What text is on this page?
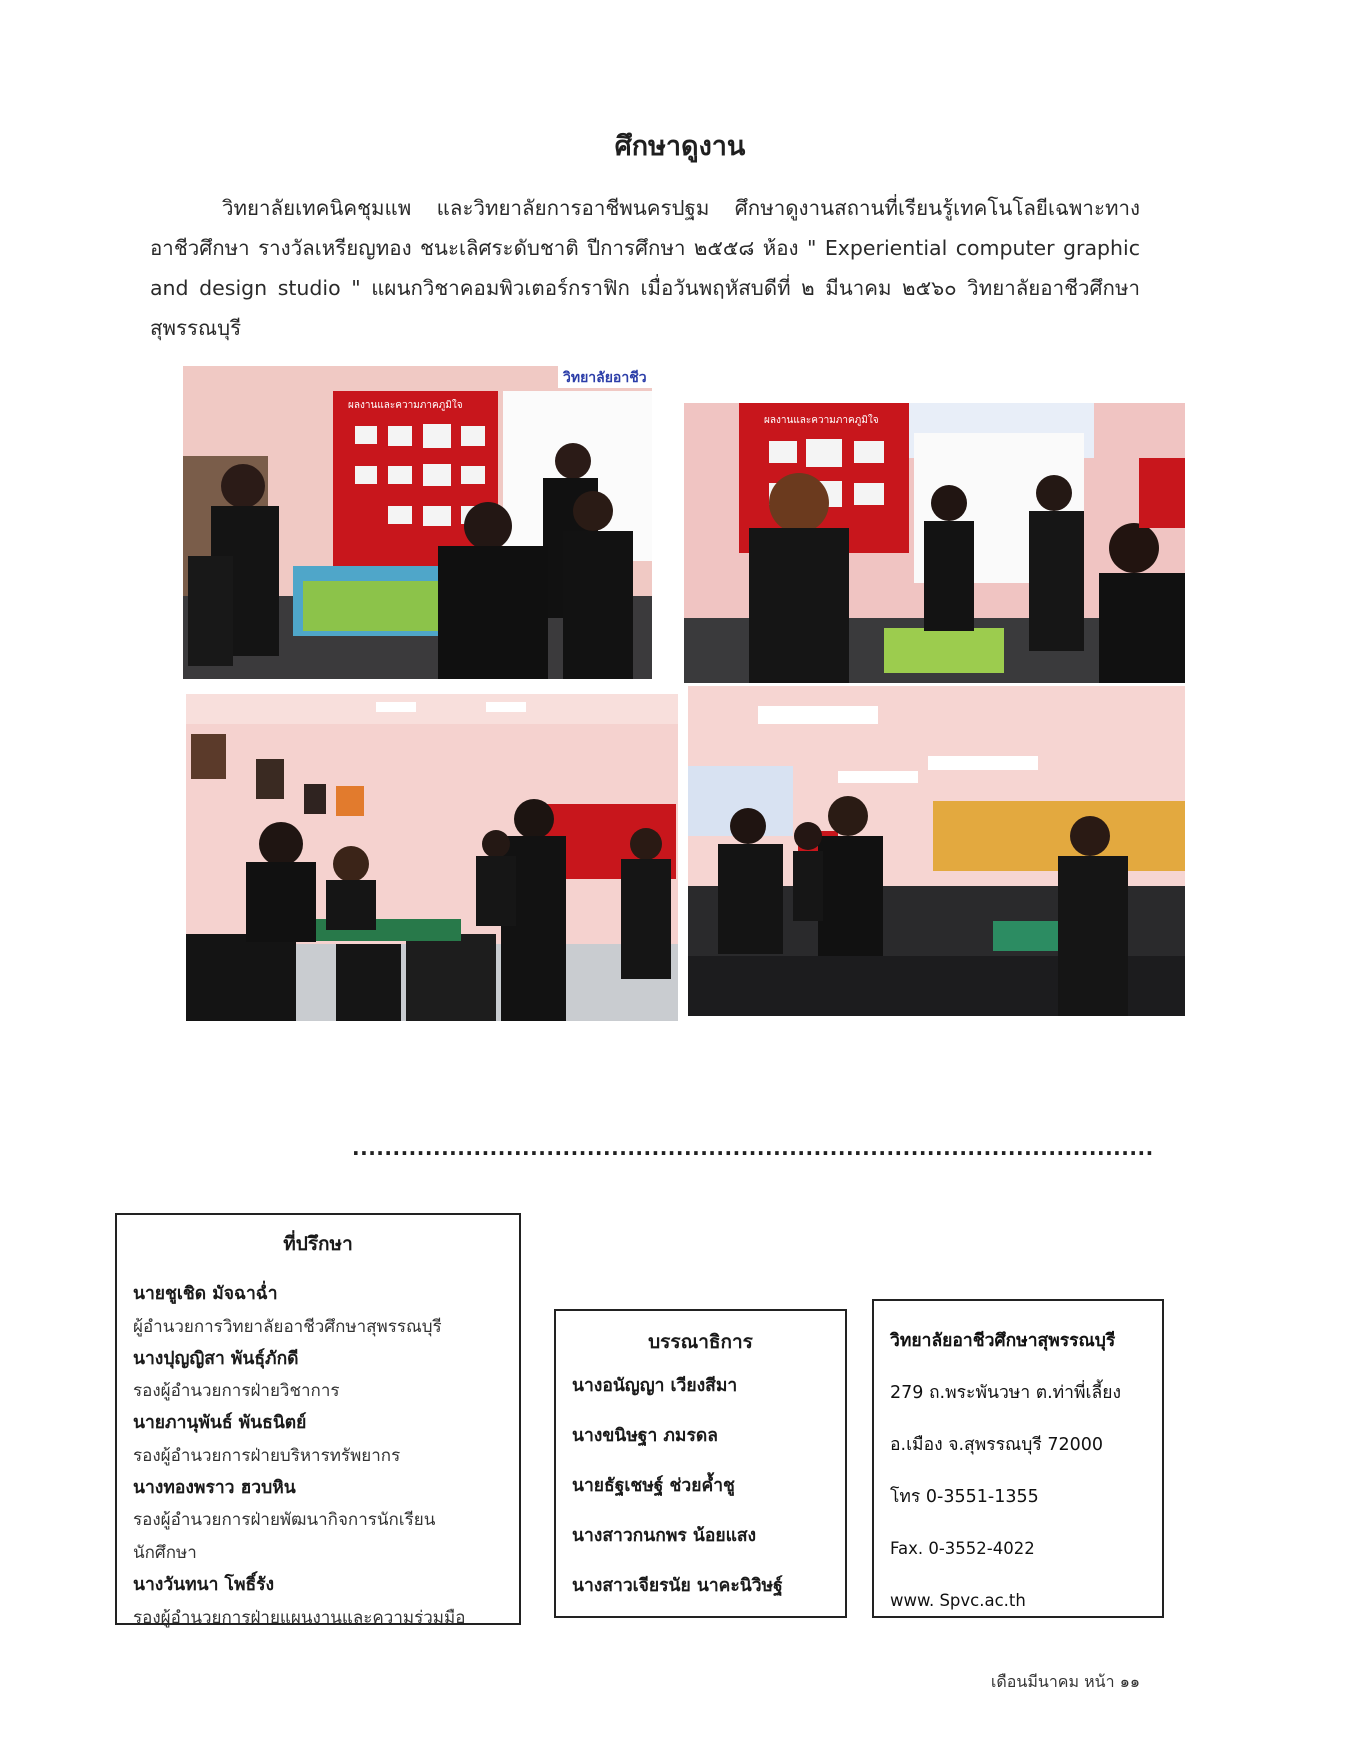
ศึกษาดูงาน
วิทยาลัยเทคนิคชุมแพ และวิทยาลัยการอาชีพนครปฐม ศึกษาดูงานสถานที่เรียนรู้เทคโนโลยีเฉพาะทางอาชีวศึกษา รางวัลเหรียญทอง ชนะเลิศระดับชาติ ปีการศึกษา ๒๕๕๘ ห้อง " Experiential computer graphic and design studio " แผนกวิชาคอมพิวเตอร์กราฟิก เมื่อวันพฤหัสบดีที่ ๒ มีนาคม ๒๕๖๐ วิทยาลัยอาชีวศึกษาสุพรรณบุรี
วิทยาลัยอาชีว
ผลงานและความภาคภูมิใจ
ผลงานและความภาคภูมิใจ
...................................................................................................
ที่ปรึกษา
นายชูเชิด มัจฉาฉ่ำ
ผู้อำนวยการวิทยาลัยอาชีวศึกษาสุพรรณบุรี
นางปุญญิสา พันธุ์ภักดี
รองผู้อำนวยการฝ่ายวิชาการ
นายภานุพันธ์ พันธนิตย์
รองผู้อำนวยการฝ่ายบริหารทรัพยากร
นางทองพราว ฮวบหิน
รองผู้อำนวยการฝ่ายพัฒนากิจการนักเรียน นักศึกษา
นางวันทนา โพธิ์รัง
รองผู้อำนวยการฝ่ายแผนงานและความร่วมมือ
บรรณาธิการ
นางอนัญญา เวียงสีมา
นางขนิษฐา ภมรดล
นายธัฐเชษฐ์ ช่วยค้ำชู
นางสาวกนกพร น้อยแสง
นางสาวเจียรนัย นาคะนิวิษฐ์
วิทยาลัยอาชีวศึกษาสุพรรณบุรี
279 ถ.พระพันวษา ต.ท่าพี่เลี้ยง
อ.เมือง จ.สุพรรณบุรี 72000
โทร 0-3551-1355
Fax. 0-3552-4022
www. Spvc.ac.th
เดือนมีนาคม หน้า ๑๑
